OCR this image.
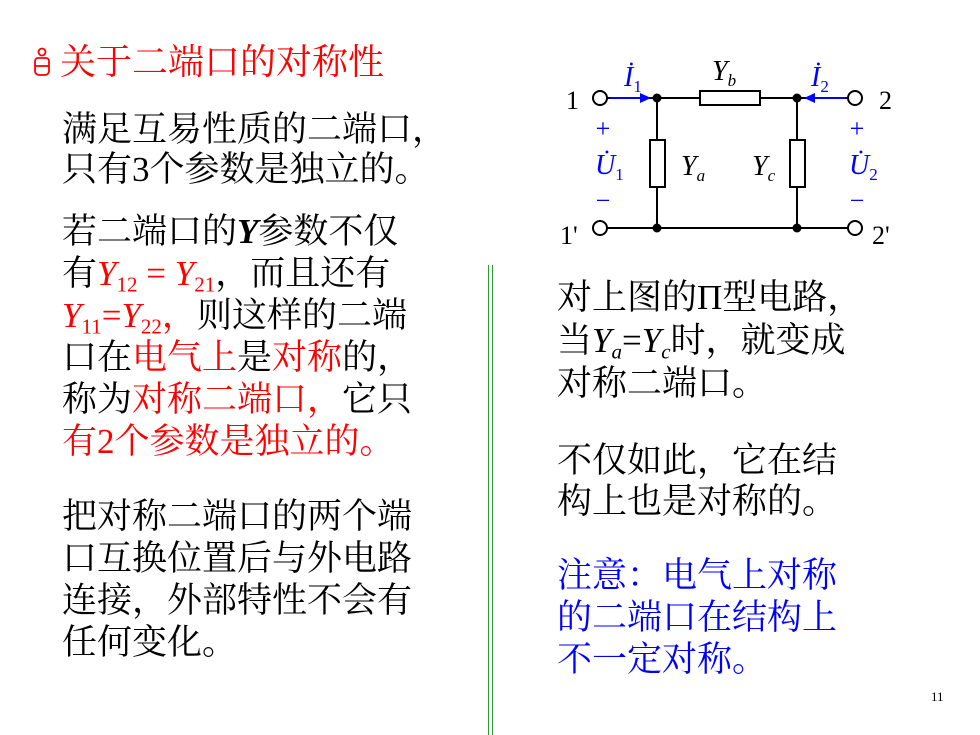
关于二端口的对称性
满足互易性质的二端口，
只有3个参数是独立的。
若二端口的Y参数不仅
有$Y_{12} = Y_{21}$，而且还有
$Y_{11}=Y_{22}$，则这样的二端
口在电气上是对称的，
称为对称二端口，它只
有2个参数是独立的。
把对称二端口的两个端
口互换位置后与外电路
连接，外部特性不会有
任何变化。
1	2
1'	2'
$İ_1$	$İ_2$
$Y_b$
$Y_a$ $Y_c$
+	+
$U̇_1$	$U̇_2$
−	−
对上图的Π型电路，
当$Y_a=Y_c$时，就变成
对称二端口。
不仅如此，它在结
构上也是对称的。
注意：电气上对称
的二端口在结构上
不一定对称。
11
